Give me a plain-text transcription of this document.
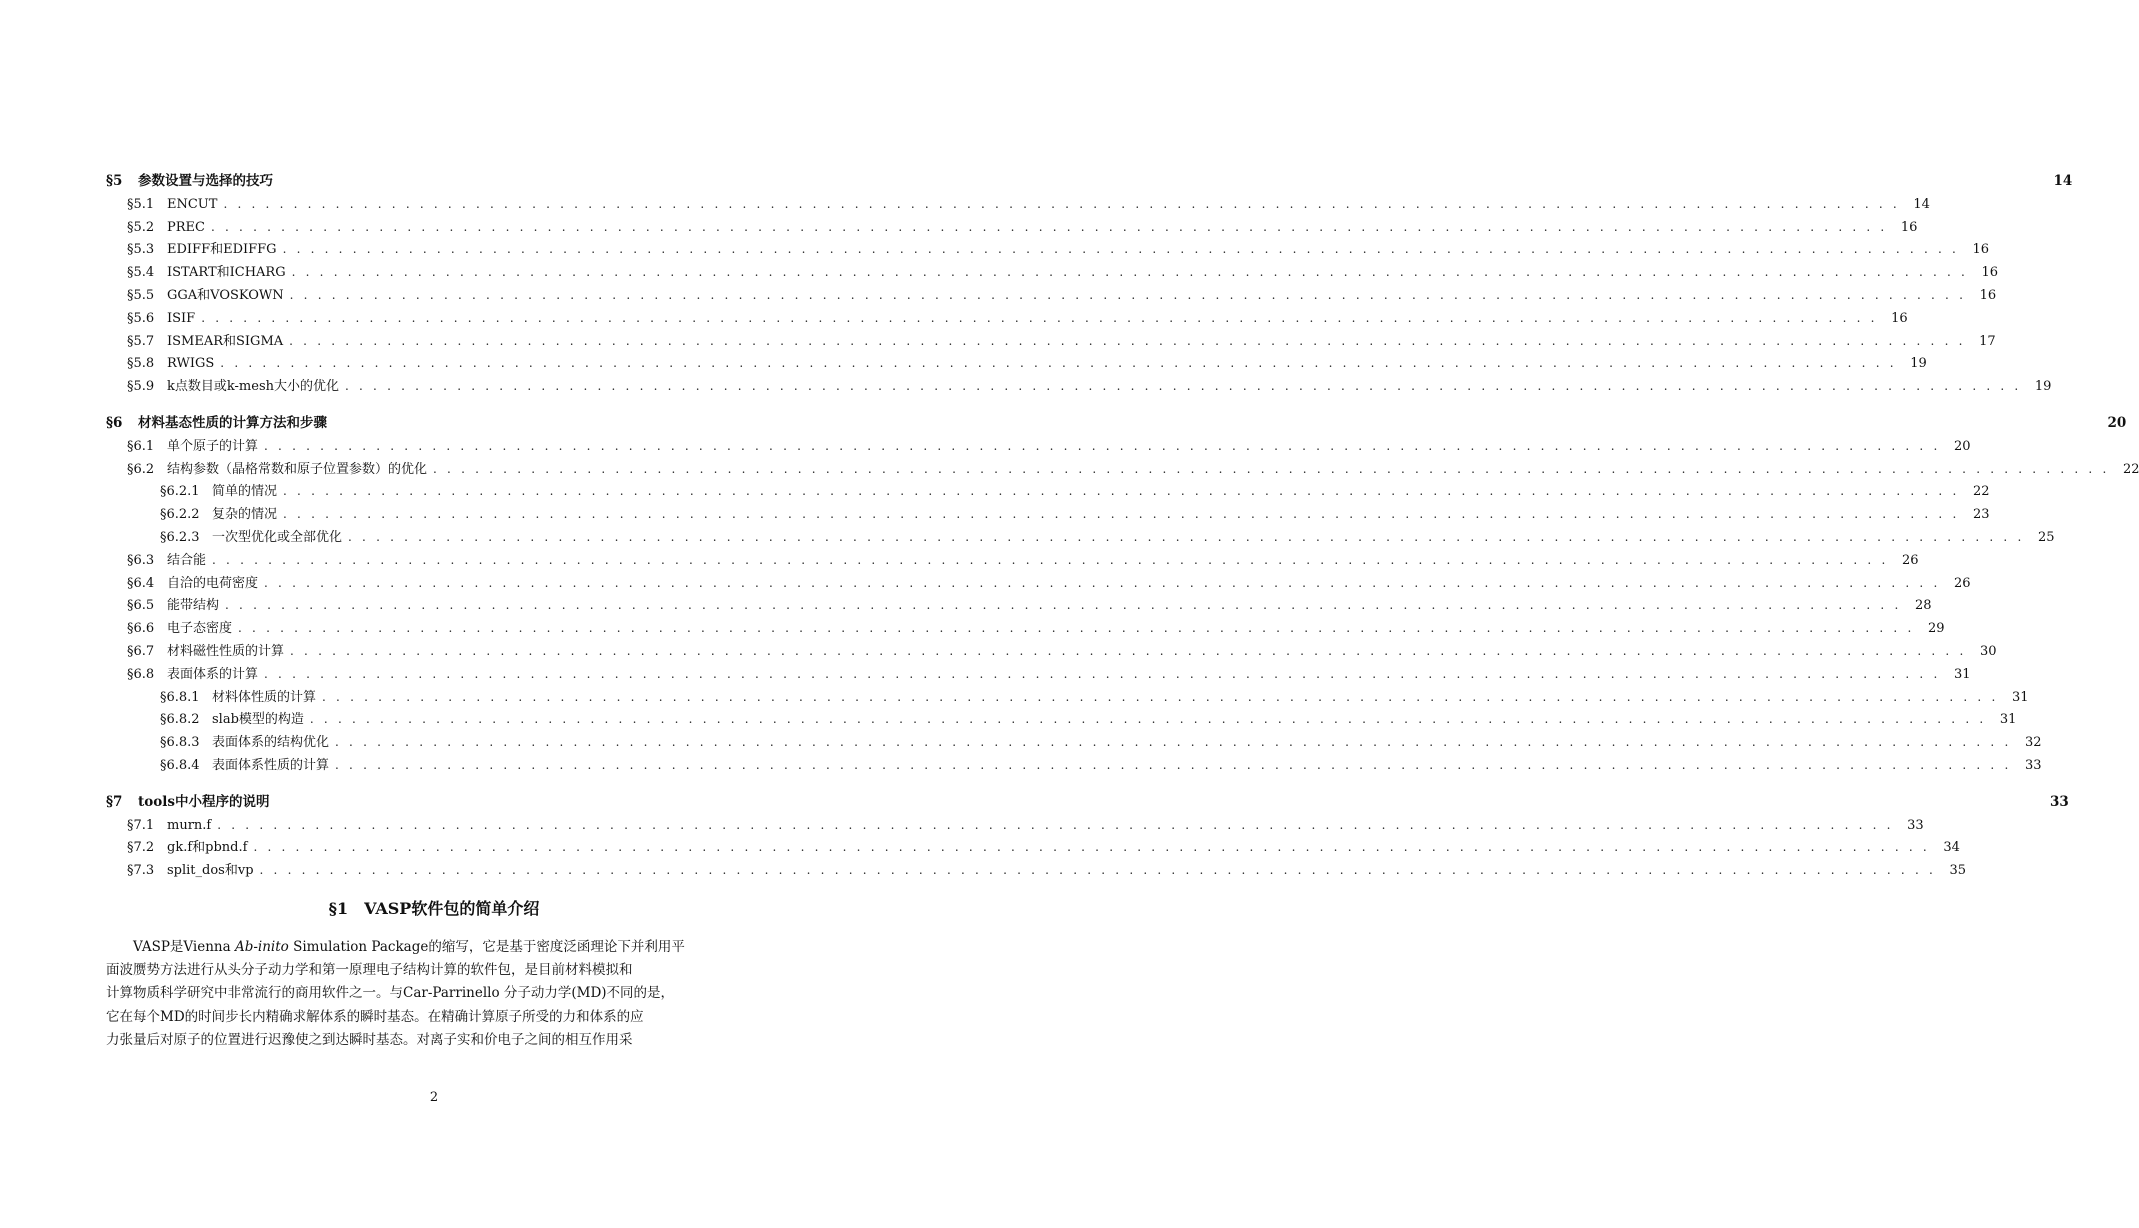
§5	参数设置与选择的技巧	14
§5.1 ENCUT . . . . . . . . . . . . . . . . . . . . . . . . . . . . . . . . . . . . . . . . . . . . . . . . . . . . . . . . . . . . . . . . . . . . . . . . . . . . . . . . . . . . . . . . . . . . . . . . . . . . . . . . . . . . . . . . . . . . . . . .	14
§5.2 PREC . . . . . . . . . . . . . . . . . . . . . . . . . . . . . . . . . . . . . . . . . . . . . . . . . . . . . . . . . . . . . . . . . . . . . . . . . . . . . . . . . . . . . . . . . . . . . . . . . . . . . . . . . . . . . . . . . . . . . . . .	16
§5.3 EDIFF和EDIFFG . . . . . . . . . . . . . . . . . . . . . . . . . . . . . . . . . . . . . . . . . . . . . . . . . . . . . . . . . . . . . . . . . . . . . . . . . . . . . . . . . . . . . . . . . . . . . . . . . . . . . . . . . . . . . . . . . . . . . . . .	16
§5.4 ISTART和ICHARG . . . . . . . . . . . . . . . . . . . . . . . . . . . . . . . . . . . . . . . . . . . . . . . . . . . . . . . . . . . . . . . . . . . . . . . . . . . . . . . . . . . . . . . . . . . . . . . . . . . . . . . . . . . . . . . . . . . . . . . .	16
§5.5 GGA和VOSKOWN . . . . . . . . . . . . . . . . . . . . . . . . . . . . . . . . . . . . . . . . . . . . . . . . . . . . . . . . . . . . . . . . . . . . . . . . . . . . . . . . . . . . . . . . . . . . . . . . . . . . . . . . . . . . . . . . . . . . . . . .	16
§5.6 ISIF . . . . . . . . . . . . . . . . . . . . . . . . . . . . . . . . . . . . . . . . . . . . . . . . . . . . . . . . . . . . . . . . . . . . . . . . . . . . . . . . . . . . . . . . . . . . . . . . . . . . . . . . . . . . . . . . . . . . . . . .	16
§5.7 ISMEAR和SIGMA . . . . . . . . . . . . . . . . . . . . . . . . . . . . . . . . . . . . . . . . . . . . . . . . . . . . . . . . . . . . . . . . . . . . . . . . . . . . . . . . . . . . . . . . . . . . . . . . . . . . . . . . . . . . . . . . . . . . . . . .	17
§5.8 RWIGS . . . . . . . . . . . . . . . . . . . . . . . . . . . . . . . . . . . . . . . . . . . . . . . . . . . . . . . . . . . . . . . . . . . . . . . . . . . . . . . . . . . . . . . . . . . . . . . . . . . . . . . . . . . . . . . . . . . . . . . .	19
§5.9 k点数目或k-mesh大小的优化 . . . . . . . . . . . . . . . . . . . . . . . . . . . . . . . . . . . . . . . . . . . . . . . . . . . . . . . . . . . . . . . . . . . . . . . . . . . . . . . . . . . . . . . . . . . . . . . . . . . . . . . . . . . . . . . . . . . . . . . .	19
§6	材料基态性质的计算方法和步骤	20
§6.1 单个原子的计算 . . . . . . . . . . . . . . . . . . . . . . . . . . . . . . . . . . . . . . . . . . . . . . . . . . . . . . . . . . . . . . . . . . . . . . . . . . . . . . . . . . . . . . . . . . . . . . . . . . . . . . . . . . . . . . . . . . . . . . . .	20
§6.2 结构参数（晶格常数和原子位置参数）的优化 . . . . . . . . . . . . . . . . . . . . . . . . . . . . . . . . . . . . . . . . . . . . . . . . . . . . . . . . . . . . . . . . . . . . . . . . . . . . . . . . . . . . . . . . . . . . . . . . . . . . . . . . . . . . . . . . . . . . . . . .	22
§6.2.1 简单的情况 . . . . . . . . . . . . . . . . . . . . . . . . . . . . . . . . . . . . . . . . . . . . . . . . . . . . . . . . . . . . . . . . . . . . . . . . . . . . . . . . . . . . . . . . . . . . . . . . . . . . . . . . . . . . . . . . . . . . . . . .	22
§6.2.2 复杂的情况 . . . . . . . . . . . . . . . . . . . . . . . . . . . . . . . . . . . . . . . . . . . . . . . . . . . . . . . . . . . . . . . . . . . . . . . . . . . . . . . . . . . . . . . . . . . . . . . . . . . . . . . . . . . . . . . . . . . . . . . .	23
§6.2.3 一次型优化或全部优化 . . . . . . . . . . . . . . . . . . . . . . . . . . . . . . . . . . . . . . . . . . . . . . . . . . . . . . . . . . . . . . . . . . . . . . . . . . . . . . . . . . . . . . . . . . . . . . . . . . . . . . . . . . . . . . . . . . . . . . . .	25
§6.3 结合能 . . . . . . . . . . . . . . . . . . . . . . . . . . . . . . . . . . . . . . . . . . . . . . . . . . . . . . . . . . . . . . . . . . . . . . . . . . . . . . . . . . . . . . . . . . . . . . . . . . . . . . . . . . . . . . . . . . . . . . . .	26
§6.4 自洽的电荷密度 . . . . . . . . . . . . . . . . . . . . . . . . . . . . . . . . . . . . . . . . . . . . . . . . . . . . . . . . . . . . . . . . . . . . . . . . . . . . . . . . . . . . . . . . . . . . . . . . . . . . . . . . . . . . . . . . . . . . . . . .	26
§6.5 能带结构 . . . . . . . . . . . . . . . . . . . . . . . . . . . . . . . . . . . . . . . . . . . . . . . . . . . . . . . . . . . . . . . . . . . . . . . . . . . . . . . . . . . . . . . . . . . . . . . . . . . . . . . . . . . . . . . . . . . . . . . .	28
§6.6 电子态密度 . . . . . . . . . . . . . . . . . . . . . . . . . . . . . . . . . . . . . . . . . . . . . . . . . . . . . . . . . . . . . . . . . . . . . . . . . . . . . . . . . . . . . . . . . . . . . . . . . . . . . . . . . . . . . . . . . . . . . . . .	29
§6.7 材料磁性性质的计算 . . . . . . . . . . . . . . . . . . . . . . . . . . . . . . . . . . . . . . . . . . . . . . . . . . . . . . . . . . . . . . . . . . . . . . . . . . . . . . . . . . . . . . . . . . . . . . . . . . . . . . . . . . . . . . . . . . . . . . . .	30
§6.8 表面体系的计算 . . . . . . . . . . . . . . . . . . . . . . . . . . . . . . . . . . . . . . . . . . . . . . . . . . . . . . . . . . . . . . . . . . . . . . . . . . . . . . . . . . . . . . . . . . . . . . . . . . . . . . . . . . . . . . . . . . . . . . . .	31
§6.8.1 材料体性质的计算 . . . . . . . . . . . . . . . . . . . . . . . . . . . . . . . . . . . . . . . . . . . . . . . . . . . . . . . . . . . . . . . . . . . . . . . . . . . . . . . . . . . . . . . . . . . . . . . . . . . . . . . . . . . . . . . . . . . . . . . .	31
§6.8.2 slab模型的构造 . . . . . . . . . . . . . . . . . . . . . . . . . . . . . . . . . . . . . . . . . . . . . . . . . . . . . . . . . . . . . . . . . . . . . . . . . . . . . . . . . . . . . . . . . . . . . . . . . . . . . . . . . . . . . . . . . . . . . . . .	31
§6.8.3 表面体系的结构优化 . . . . . . . . . . . . . . . . . . . . . . . . . . . . . . . . . . . . . . . . . . . . . . . . . . . . . . . . . . . . . . . . . . . . . . . . . . . . . . . . . . . . . . . . . . . . . . . . . . . . . . . . . . . . . . . . . . . . . . . .	32
§6.8.4 表面体系性质的计算 . . . . . . . . . . . . . . . . . . . . . . . . . . . . . . . . . . . . . . . . . . . . . . . . . . . . . . . . . . . . . . . . . . . . . . . . . . . . . . . . . . . . . . . . . . . . . . . . . . . . . . . . . . . . . . . . . . . . . . . .	33
§7	tools中小程序的说明	33
§7.1 murn.f . . . . . . . . . . . . . . . . . . . . . . . . . . . . . . . . . . . . . . . . . . . . . . . . . . . . . . . . . . . . . . . . . . . . . . . . . . . . . . . . . . . . . . . . . . . . . . . . . . . . . . . . . . . . . . . . . . . . . . . .	33
§7.2 gk.f和pbnd.f . . . . . . . . . . . . . . . . . . . . . . . . . . . . . . . . . . . . . . . . . . . . . . . . . . . . . . . . . . . . . . . . . . . . . . . . . . . . . . . . . . . . . . . . . . . . . . . . . . . . . . . . . . . . . . . . . . . . . . . .	34
§7.3 split_dos和vp . . . . . . . . . . . . . . . . . . . . . . . . . . . . . . . . . . . . . . . . . . . . . . . . . . . . . . . . . . . . . . . . . . . . . . . . . . . . . . . . . . . . . . . . . . . . . . . . . . . . . . . . . . . . . . . . . . . . . . . .	35
§1 VASP软件包的简单介绍
VASP是Vienna Ab-inito Simulation Package的缩写，它是基于密度泛函理论下并利用平
面波赝势方法进行从头分子动力学和第一原理电子结构计算的软件包，是目前材料模拟和
计算物质科学研究中非常流行的商用软件之一。与Car-Parrinello 分子动力学(MD)不同的是，
它在每个MD的时间步长内精确求解体系的瞬时基态。在精确计算原子所受的力和体系的应
力张量后对原子的位置进行迟豫使之到达瞬时基态。对离子实和价电子之间的相互作用采
2
